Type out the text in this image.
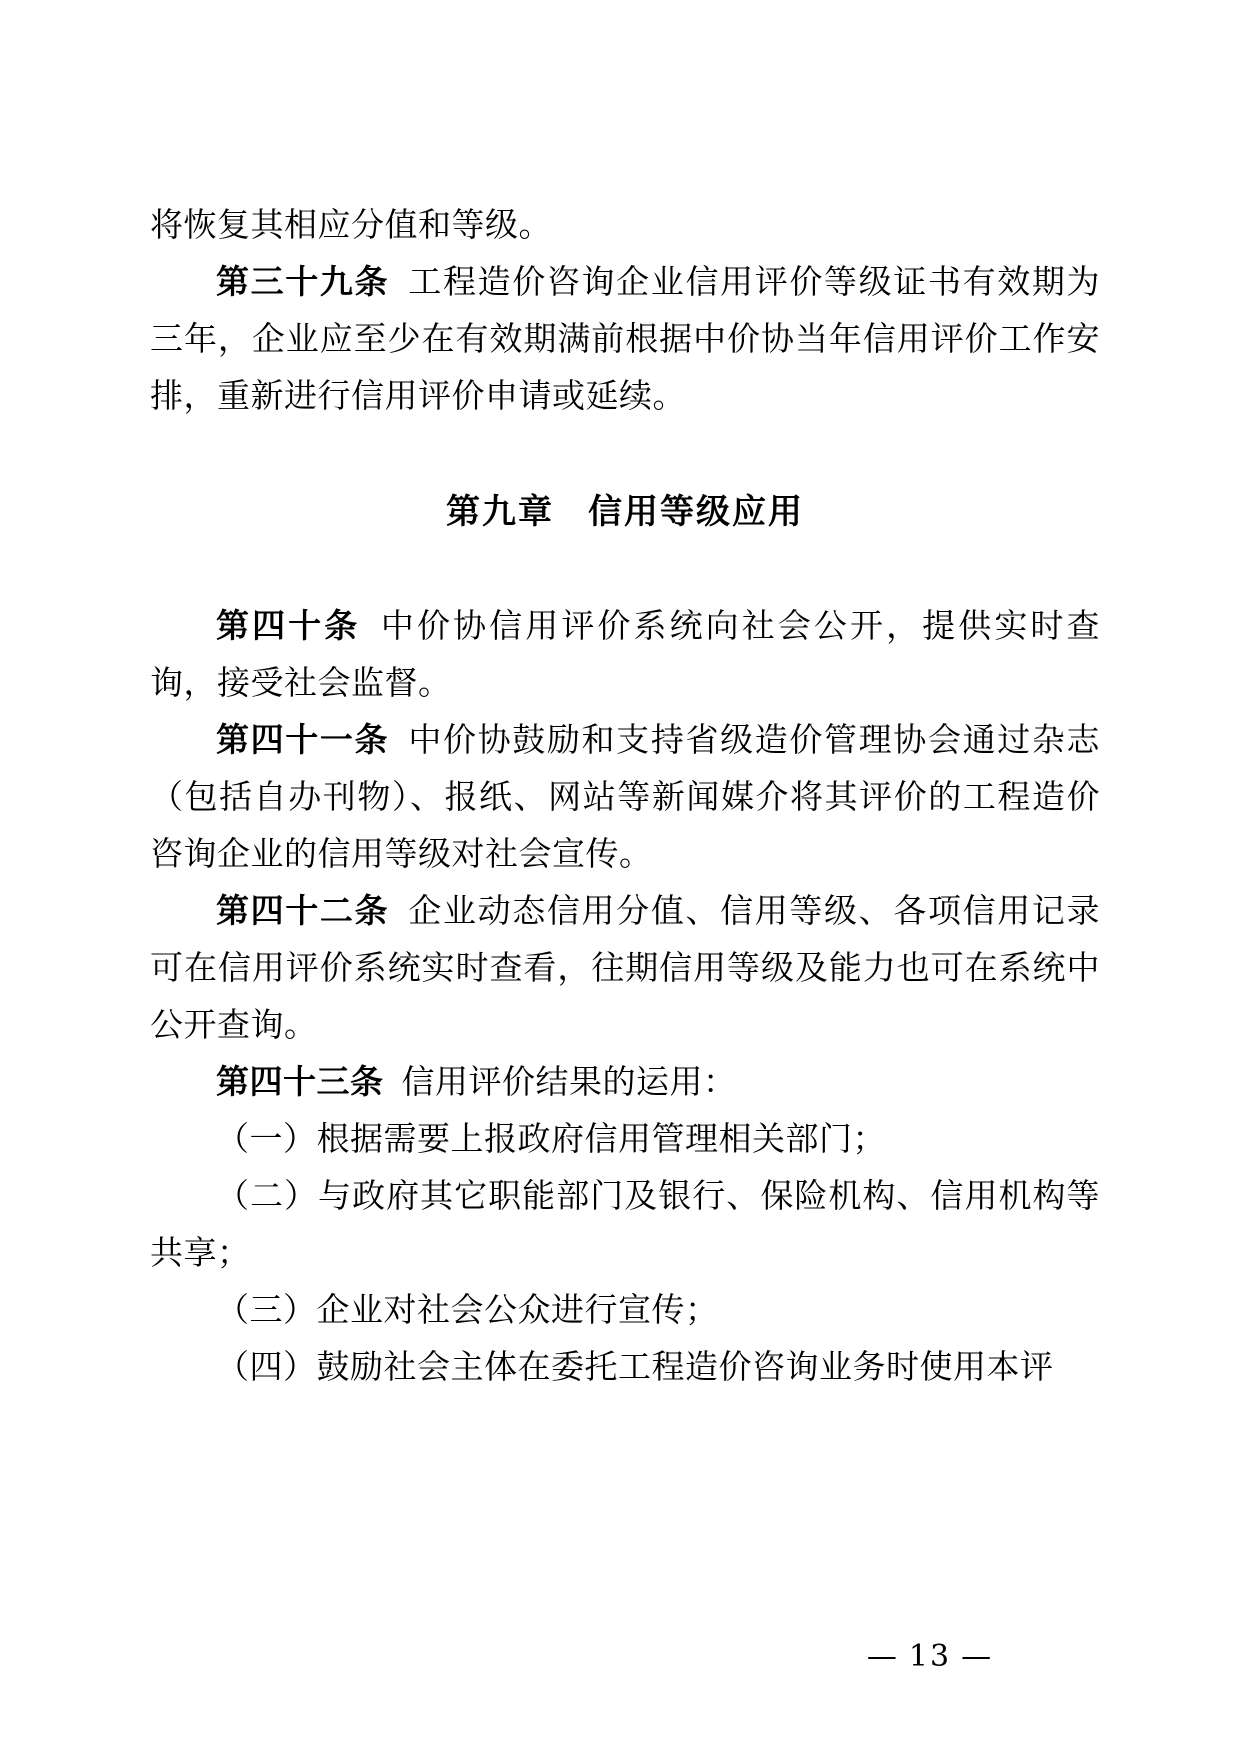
将恢复其相应分值和等级。

第三十九条 工程造价咨询企业信用评价等级证书有效期为三年，企业应至少在有效期满前根据中价协当年信用评价工作安排，重新进行信用评价申请或延续。

第九章 信用等级应用

第四十条 中价协信用评价系统向社会公开，提供实时查询，接受社会监督。

第四十一条 中价协鼓励和支持省级造价管理协会通过杂志（包括自办刊物）、报纸、网站等新闻媒介将其评价的工程造价咨询企业的信用等级对社会宣传。

第四十二条 企业动态信用分值、信用等级、各项信用记录可在信用评价系统实时查看，往期信用等级及能力也可在系统中公开查询。

第四十三条 信用评价结果的运用：

（一）根据需要上报政府信用管理相关部门；

（二）与政府其它职能部门及银行、保险机构、信用机构等共享；

（三）企业对社会公众进行宣传；

（四）鼓励社会主体在委托工程造价咨询业务时使用本评

— 13 —
